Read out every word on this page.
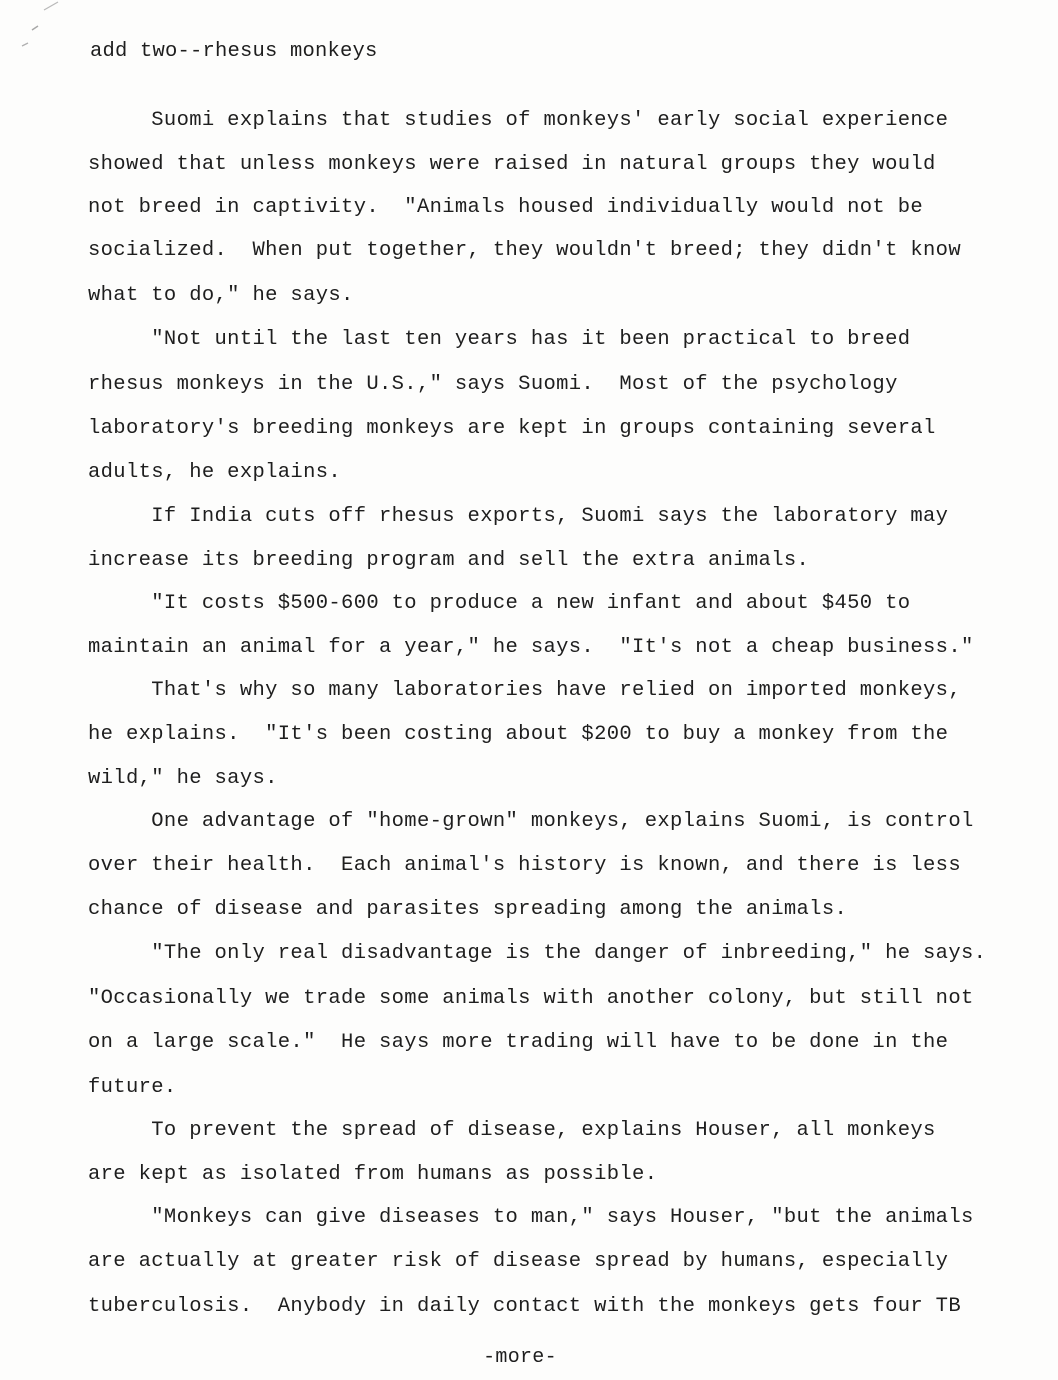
add two--rhesus monkeys
Suomi explains that studies of monkeys' early social experience
showed that unless monkeys were raised in natural groups they would
not breed in captivity.  "Animals housed individually would not be
socialized.  When put together, they wouldn't breed; they didn't know
what to do," he says.
"Not until the last ten years has it been practical to breed
rhesus monkeys in the U.S.," says Suomi.  Most of the psychology
laboratory's breeding monkeys are kept in groups containing several
adults, he explains.
If India cuts off rhesus exports, Suomi says the laboratory may
increase its breeding program and sell the extra animals.
"It costs $500-600 to produce a new infant and about $450 to
maintain an animal for a year," he says.  "It's not a cheap business."
That's why so many laboratories have relied on imported monkeys,
he explains.  "It's been costing about $200 to buy a monkey from the
wild," he says.
One advantage of "home-grown" monkeys, explains Suomi, is control
over their health.  Each animal's history is known, and there is less
chance of disease and parasites spreading among the animals.
"The only real disadvantage is the danger of inbreeding," he says.
"Occasionally we trade some animals with another colony, but still not
on a large scale."  He says more trading will have to be done in the
future.
To prevent the spread of disease, explains Houser, all monkeys
are kept as isolated from humans as possible.
"Monkeys can give diseases to man," says Houser, "but the animals
are actually at greater risk of disease spread by humans, especially
tuberculosis.  Anybody in daily contact with the monkeys gets four TB
-more-
